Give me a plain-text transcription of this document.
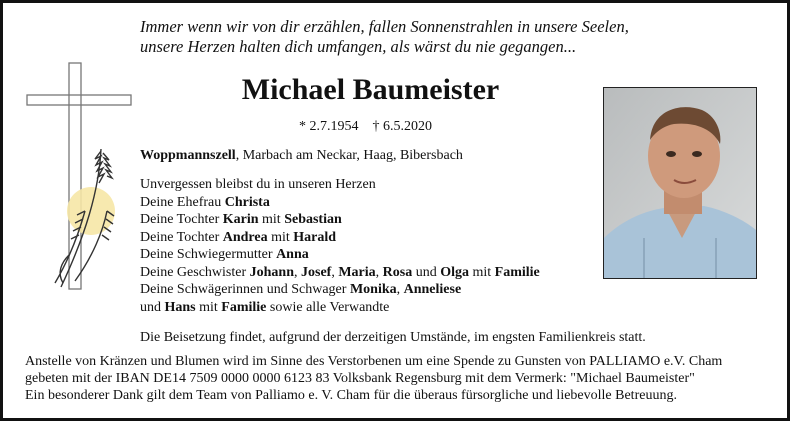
Immer wenn wir von dir erzählen, fallen Sonnenstrahlen in unsere Seelen,
unsere Herzen halten dich umfangen, als wärst du nie gegangen...
Michael Baumeister
* 2.7.1954    † 6.5.2020
Woppmannszell, Marbach am Neckar, Haag, Bibersbach
Unvergessen bleibst du in unseren Herzen
Deine Ehefrau Christa
Deine Tochter Karin mit Sebastian
Deine Tochter Andrea mit Harald
Deine Schwiegermutter Anna
Deine Geschwister Johann, Josef, Maria, Rosa und Olga mit Familie
Deine Schwägerinnen und Schwager Monika, Anneliese
und Hans mit Familie sowie alle Verwandte
Die Beisetzung findet, aufgrund der derzeitigen Umstände, im engsten Familienkreis statt.
Anstelle von Kränzen und Blumen wird im Sinne des Verstorbenen um eine Spende zu Gunsten von PALLIAMO e.V. Cham
gebeten mit der IBAN DE14 7509 0000 0000 6123 83 Volksbank Regensburg mit dem Vermerk: "Michael Baumeister"
Ein besonderer Dank gilt dem Team von Palliamo e. V. Cham für die überaus fürsorgliche und liebevolle Betreuung.
